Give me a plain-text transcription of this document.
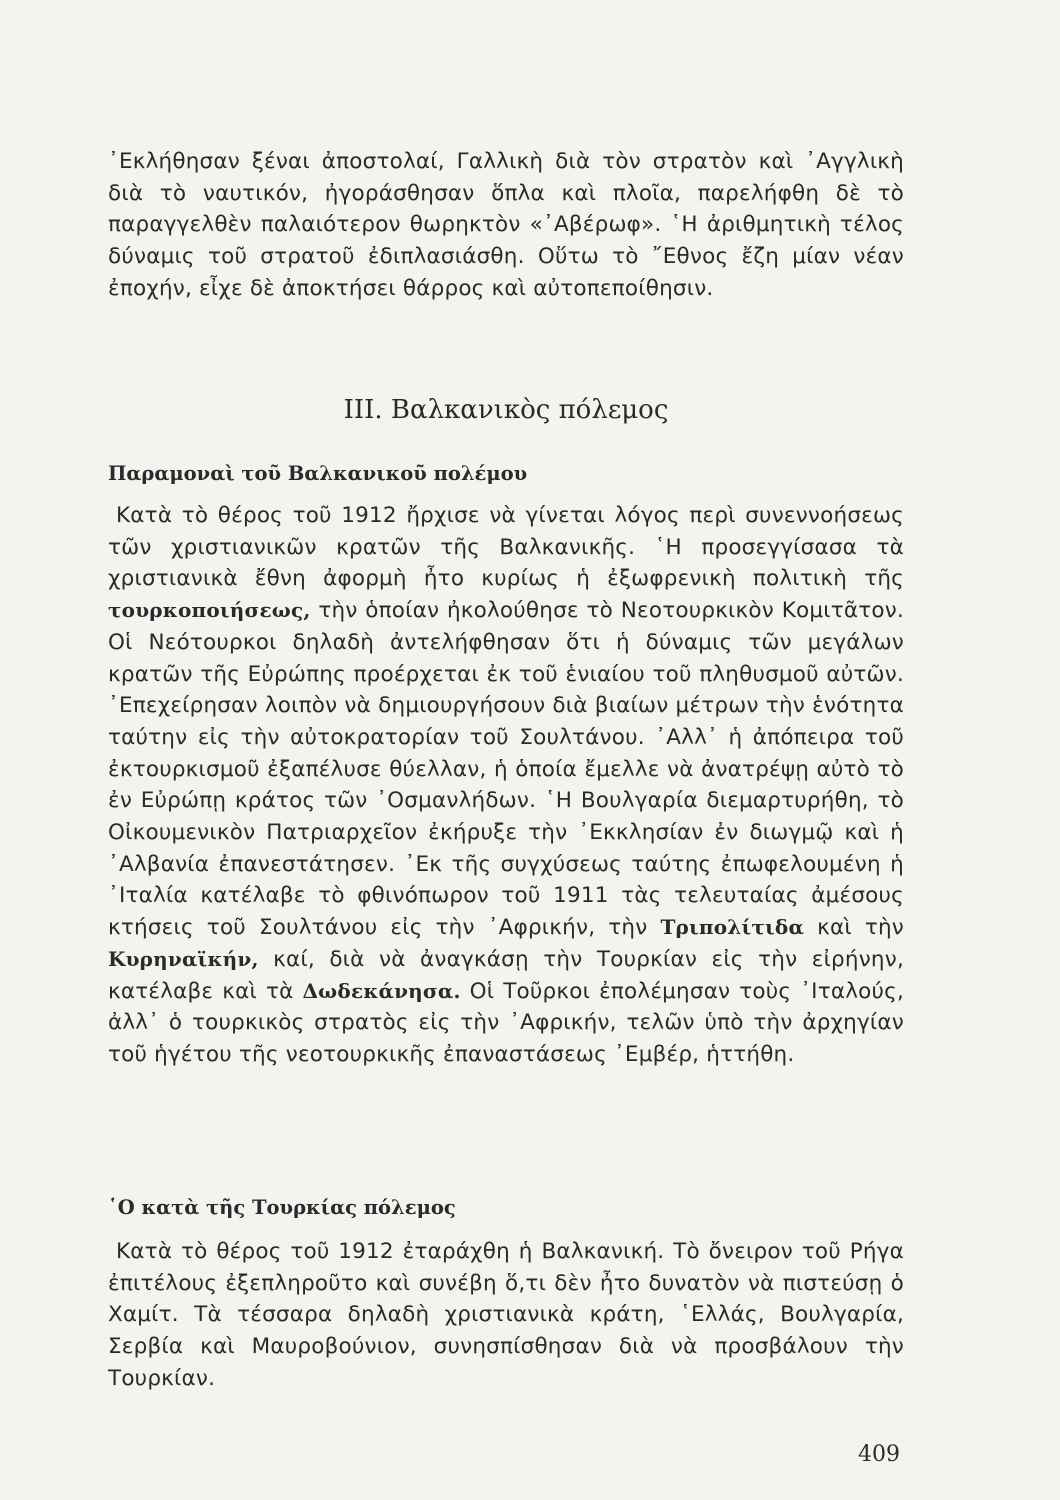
᾿Εκλήθησαν ξέναι ἀποστολαί, Γαλλικὴ διὰ τὸν στρατὸν καὶ ᾿Αγγλικὴ διὰ τὸ ναυτικόν, ἠγοράσθησαν ὅπλα καὶ πλοῖα, παρελήφθη δὲ τὸ παραγγελθὲν παλαιότερον θωρηκτὸν «᾿Αβέρωφ». ῾Η ἀριθμητικὴ τέλος δύναμις τοῦ στρατοῦ ἐδιπλασιάσθη. Οὕτω τὸ ῎Εθνος ἔζη μίαν νέαν ἐποχήν, εἶχε δὲ ἀποκτήσει θάρρος καὶ αὐτοπεποίθησιν.

III. Βαλκανικὸς πόλεμος
Παραμοναὶ τοῦ Βαλκανικοῦ πολέμου

Κατὰ τὸ θέρος τοῦ 1912 ἤρχισε νὰ γίνεται λόγος περὶ συνεννοήσεως τῶν χριστιανικῶν κρατῶν τῆς Βαλκανικῆς. ῾Η προσεγγίσασα τὰ χριστιανικὰ ἔθνη ἀφορμὴ ἦτο κυρίως ἡ ἐξωφρενικὴ πολιτικὴ τῆς τουρκοποιήσεως, τὴν ὁποίαν ἠκολούθησε τὸ Νεοτουρκικὸν Κομιτᾶτον. Οἱ Νεότουρκοι δηλαδὴ ἀντελήφθησαν ὅτι ἡ δύναμις τῶν μεγάλων κρατῶν τῆς Εὐρώπης προέρχεται ἐκ τοῦ ἑνιαίου τοῦ πληθυσμοῦ αὐτῶν. ᾿Επεχείρησαν λοιπὸν νὰ δημιουργήσουν διὰ βιαίων μέτρων τὴν ἑνότητα ταύτην εἰς τὴν αὐτοκρατορίαν τοῦ Σουλτάνου. ᾿Αλλ᾿ ἡ ἀπόπειρα τοῦ ἐκτουρκισμοῦ ἐξαπέλυσε θύελλαν, ἡ ὁποία ἔμελλε νὰ ἀνατρέψῃ αὐτὸ τὸ ἐν Εὐρώπῃ κράτος τῶν ᾿Οσμανλήδων. ῾Η Βουλγαρία διεμαρτυρήθη, τὸ Οἰκουμενικὸν Πατριαρχεῖον ἐκήρυξε τὴν ᾿Εκκλησίαν ἐν διωγμῷ καὶ ἡ ᾿Αλβανία ἐπανεστάτησεν. ᾿Εκ τῆς συγχύσεως ταύτης ἐπωφελουμένη ἡ ᾿Ιταλία κατέλαβε τὸ φθινόπωρον τοῦ 1911 τὰς τελευταίας ἀμέσους κτήσεις τοῦ Σουλτάνου εἰς τὴν ᾿Αφρικήν, τὴν Τριπολίτιδα καὶ τὴν Κυρηναϊκήν, καί, διὰ νὰ ἀναγκάσῃ τὴν Τουρκίαν εἰς τὴν εἰρήνην, κατέλαβε καὶ τὰ Δωδεκάνησα. Οἱ Τοῦρκοι ἐπολέμησαν τοὺς ᾿Ιταλούς, ἀλλ᾿ ὁ τουρκικὸς στρατὸς εἰς τὴν ᾿Αφρικήν, τελῶν ὑπὸ τὴν ἀρχηγίαν τοῦ ἡγέτου τῆς νεοτουρκικῆς ἐπαναστάσεως ᾿Εμβέρ, ἡττήθη.

῾Ο κατὰ τῆς Τουρκίας πόλεμος

Κατὰ τὸ θέρος τοῦ 1912 ἐταράχθη ἡ Βαλκανική. Τὸ ὄνειρον τοῦ Ρήγα ἐπιτέλους ἐξεπληροῦτο καὶ συνέβη ὅ,τι δὲν ἦτο δυνατὸν νὰ πιστεύσῃ ὁ Χαμίτ. Τὰ τέσσαρα δηλαδὴ χριστιανικὰ κράτη, ῾Ελλάς, Βουλγαρία, Σερβία καὶ Μαυροβούνιον, συνησπίσθησαν διὰ νὰ προσβάλουν τὴν Τουρκίαν.

409
